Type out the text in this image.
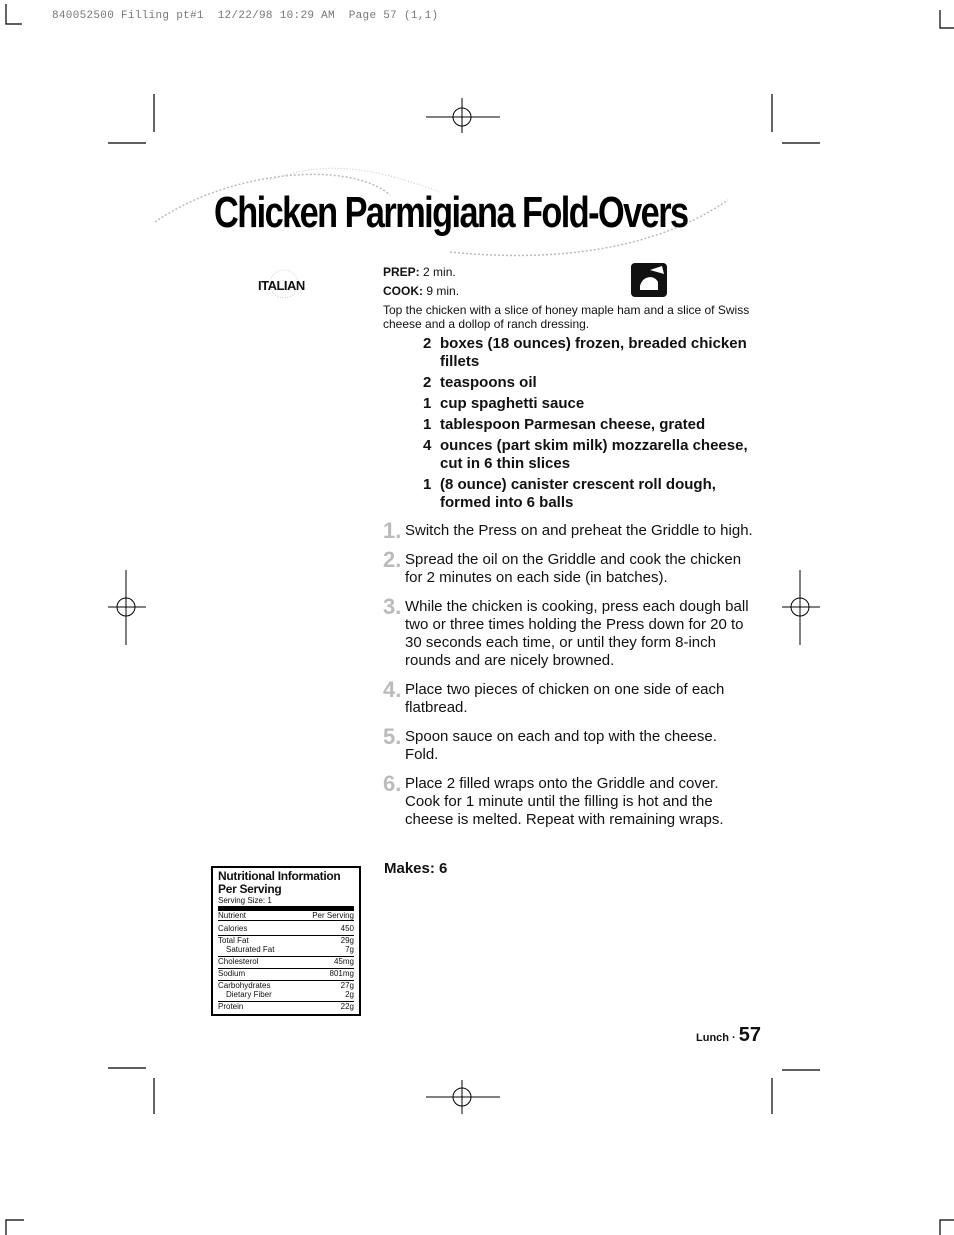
840052500 Filling pt#1  12/22/98 10:29 AM  Page 57 (1,1)
Chicken Parmigiana Fold-Overs
ITALIAN
PREP: 2 min.
COOK: 9 min.
Top the chicken with a slice of honey maple ham and a slice of Swiss cheese and a dollop of ranch dressing.
2 boxes (18 ounces) frozen, breaded chicken fillets
2 teaspoons oil
1 cup spaghetti sauce
1 tablespoon Parmesan cheese, grated
4 ounces (part skim milk) mozzarella cheese, cut in 6 thin slices
1 (8 ounce) canister crescent roll dough, formed into 6 balls
1. Switch the Press on and preheat the Griddle to high.
2. Spread the oil on the Griddle and cook the chicken for 2 minutes on each side (in batches).
3. While the chicken is cooking, press each dough ball two or three times holding the Press down for 20 to 30 seconds each time, or until they form 8-inch rounds and are nicely browned.
4. Place two pieces of chicken on one side of each flatbread.
5. Spoon sauce on each and top with the cheese. Fold.
6. Place 2 filled wraps onto the Griddle and cover. Cook for 1 minute until the filling is hot and the cheese is melted. Repeat with remaining wraps.
Makes: 6
Nutritional Information
Per Serving
Serving Size: 1
Nutrient	Per Serving
Calories	450
Total Fat	29g
Saturated Fat	7g
Cholesterol	45mg
Sodium	801mg
Carbohydrates	27g
Dietary Fiber	2g
Protein	22g
Lunch · 57
